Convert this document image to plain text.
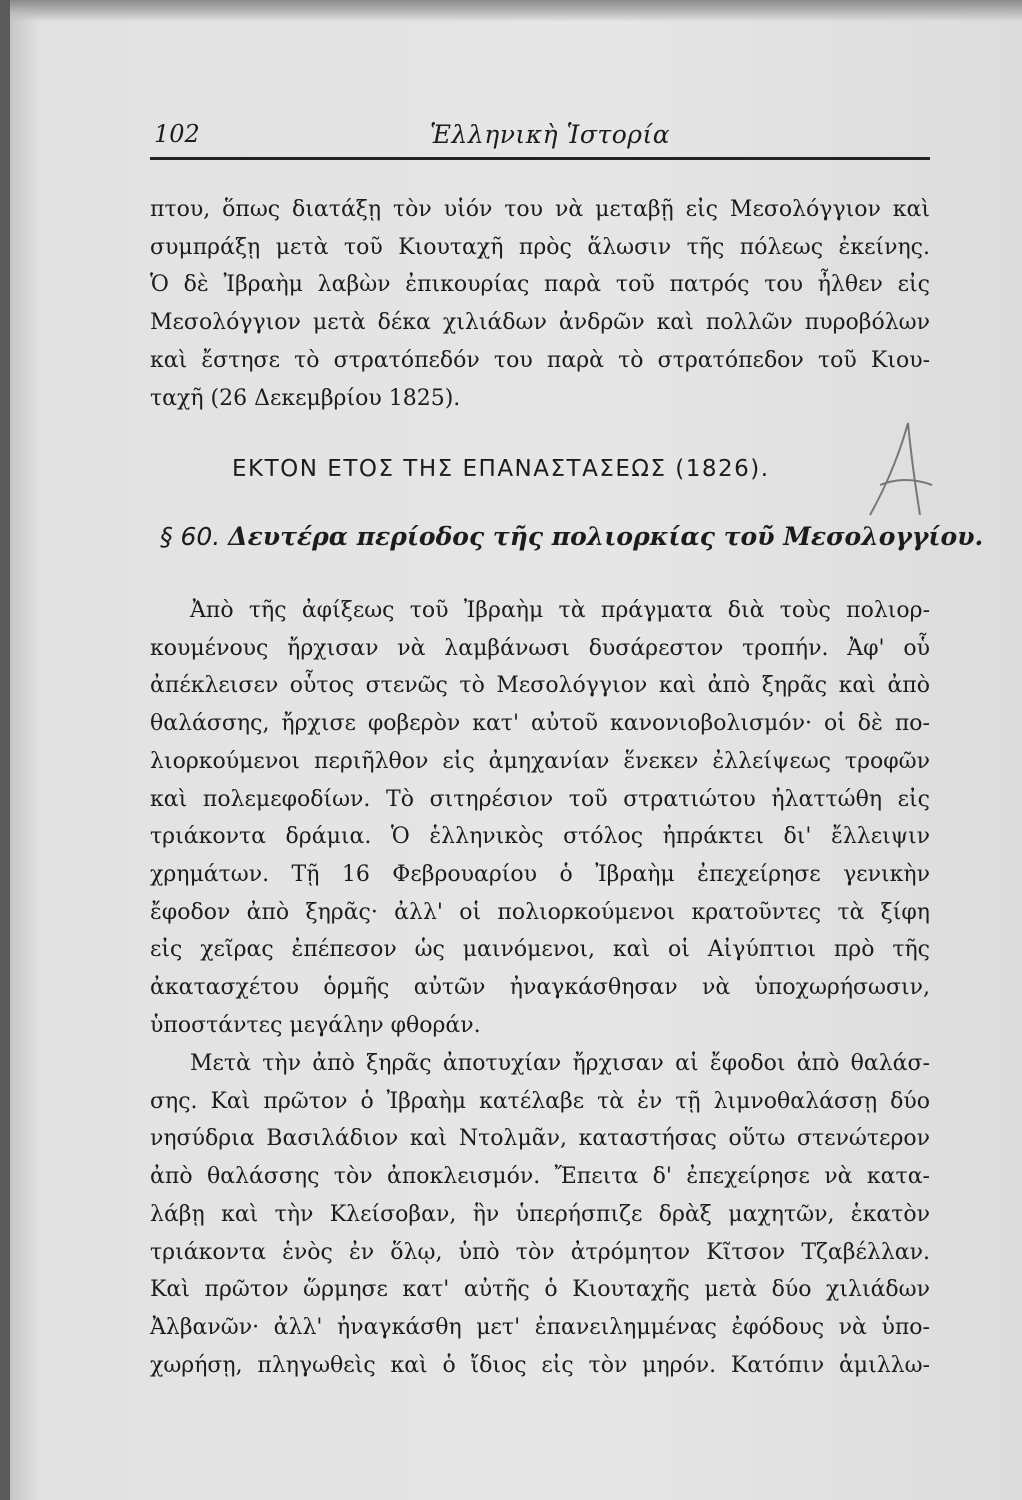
102	Ἑλληνικὴ Ἱστορία
πτου, ὅπως διατάξῃ τὸν υἱόν του νὰ μεταβῇ εἰς Μεσολόγγιον καὶ
συμπράξῃ μετὰ τοῦ Κιουταχῆ πρὸς ἅλωσιν τῆς πόλεως ἐκείνης.
Ὁ δὲ Ἰβραὴμ λαβὼν ἐπικουρίας παρὰ τοῦ πατρός του ἦλθεν εἰς
Μεσολόγγιον μετὰ δέκα χιλιάδων ἀνδρῶν καὶ πολλῶν πυροβόλων
καὶ ἔστησε τὸ στρατόπεδόν του παρὰ τὸ στρατόπεδον τοῦ Κιου-
ταχῆ (26 Δεκεμβρίου 1825).
ΕΚΤΟΝ ΕΤΟΣ ΤΗΣ ΕΠΑΝΑΣΤΑΣΕΩΣ (1826).
§ 60. Δευτέρα περίοδος τῆς πολιορκίας τοῦ Μεσολογγίου.
Ἀπὸ τῆς ἀφίξεως τοῦ Ἰβραὴμ τὰ πράγματα διὰ τοὺς πολιορ-
κουμένους ἤρχισαν νὰ λαμβάνωσι δυσάρεστον τροπήν. Ἀφ' οὗ
ἀπέκλεισεν οὗτος στενῶς τὸ Μεσολόγγιον καὶ ἀπὸ ξηρᾶς καὶ ἀπὸ
θαλάσσης, ἤρχισε φοβερὸν κατ' αὐτοῦ κανονιοβολισμόν· οἱ δὲ πο-
λιορκούμενοι περιῆλθον εἰς ἀμηχανίαν ἕνεκεν ἐλλείψεως τροφῶν
καὶ πολεμεφοδίων. Τὸ σιτηρέσιον τοῦ στρατιώτου ἠλαττώθη εἰς
τριάκοντα δράμια. Ὁ ἑλληνικὸς στόλος ἠπράκτει δι' ἔλλειψιν
χρημάτων. Τῇ 16 Φεβρουαρίου ὁ Ἰβραὴμ ἐπεχείρησε γενικὴν
ἔφοδον ἀπὸ ξηρᾶς· ἀλλ' οἱ πολιορκούμενοι κρατοῦντες τὰ ξίφη
εἰς χεῖρας ἐπέπεσον ὡς μαινόμενοι, καὶ οἱ Αἰγύπτιοι πρὸ τῆς
ἀκατασχέτου ὁρμῆς αὐτῶν ἠναγκάσθησαν νὰ ὑποχωρήσωσιν,
ὑποστάντες μεγάλην φθοράν.
Μετὰ τὴν ἀπὸ ξηρᾶς ἀποτυχίαν ἤρχισαν αἱ ἔφοδοι ἀπὸ θαλάσ-
σης. Καὶ πρῶτον ὁ Ἰβραὴμ κατέλαβε τὰ ἐν τῇ λιμνοθαλάσσῃ δύο
νησύδρια Βασιλάδιον καὶ Ντολμᾶν, καταστήσας οὕτω στενώτερον
ἀπὸ θαλάσσης τὸν ἀποκλεισμόν. Ἔπειτα δ' ἐπεχείρησε νὰ κατα-
λάβῃ καὶ τὴν Κλείσοβαν, ἣν ὑπερήσπιζε δρὰξ μαχητῶν, ἑκατὸν
τριάκοντα ἑνὸς ἐν ὅλῳ, ὑπὸ τὸν ἀτρόμητον Κῖτσον Τζαβέλλαν.
Καὶ πρῶτον ὥρμησε κατ' αὐτῆς ὁ Κιουταχῆς μετὰ δύο χιλιάδων
Ἀλβανῶν· ἀλλ' ἠναγκάσθη μετ' ἐπανειλημμένας ἐφόδους νὰ ὑπο-
χωρήσῃ, πληγωθεὶς καὶ ὁ ἴδιος εἰς τὸν μηρόν. Κατόπιν ἁμιλλω-
